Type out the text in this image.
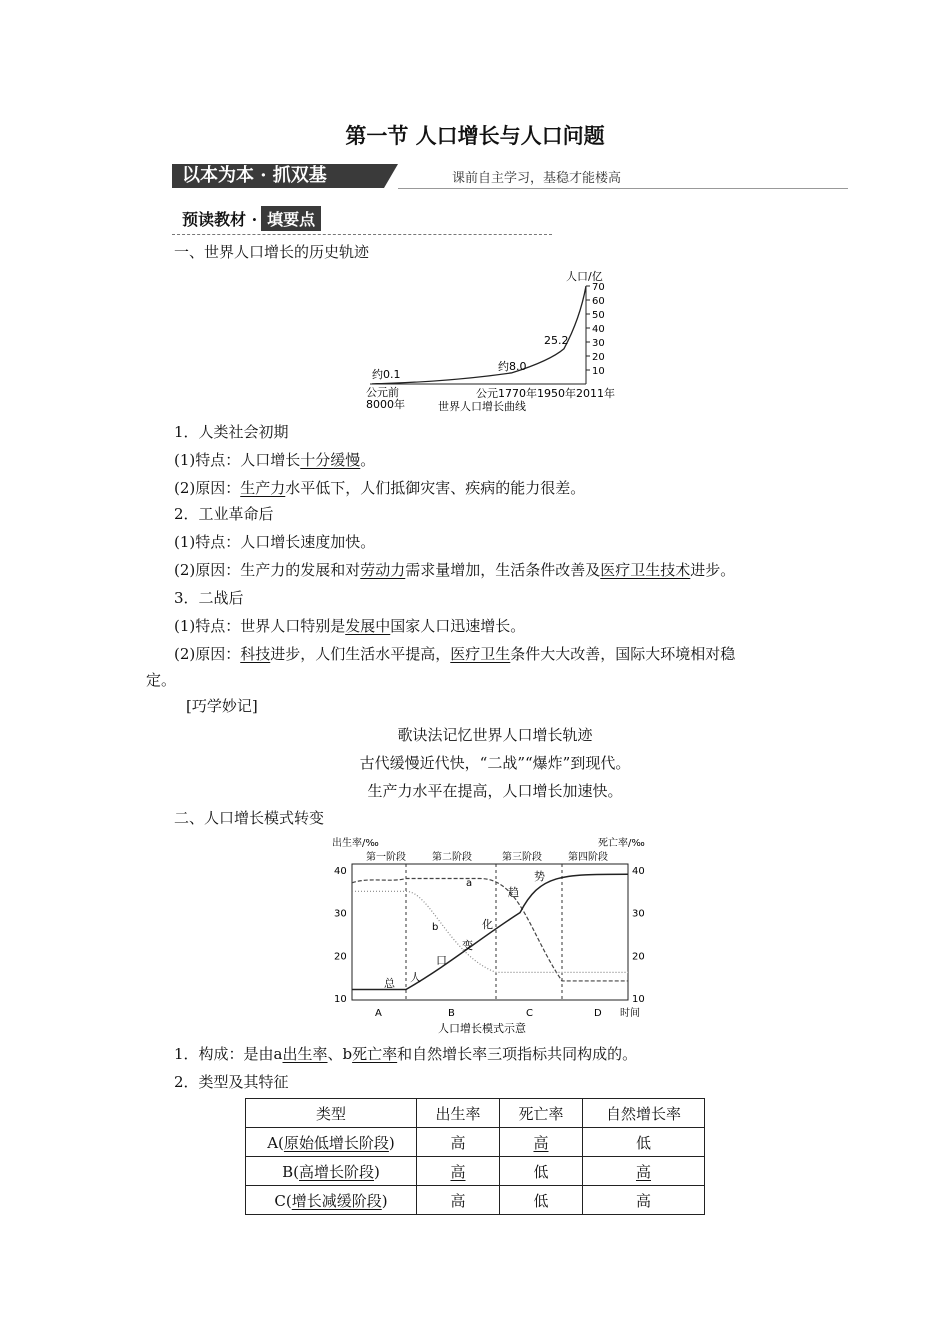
第一节 人口增长与人口问题
以本为本 · 抓双基	课前自主学习，基稳才能楼高
预读教材 · 填要点
一、世界人口增长的历史轨迹
人口/亿
70
60
50
40
30
20
10
约0.1
约8.0
25.2
公元前
8000年
公元1770年 1950年 2011年
世界人口增长曲线
1．人类社会初期
(1)特点：人口增长十分缓慢。
(2)原因：生产力水平低下，人们抵御灾害、疾病的能力很差。
2．工业革命后
(1)特点：人口增长速度加快。
(2)原因：生产力的发展和对劳动力需求量增加，生活条件改善及医疗卫生技术进步。
3．二战后
(1)特点：世界人口特别是发展中国家人口迅速增长。
(2)原因：科技进步，人们生活水平提高，医疗卫生条件大大改善，国际大环境相对稳
定。
[巧学妙记]
歌诀法记忆世界人口增长轨迹
古代缓慢近代快，“二战”“爆炸”到现代。
生产力水平在提高，人口增长加速快。
二、人口增长模式转变
出生率/‰	死亡率/‰
第一阶段	第二阶段	第三阶段	第四阶段
40	40
30	30
20	20
10	10
a
b
总 人
口
变
化
趋
势
A	B	C	D 时间
人口增长模式示意
1．构成：是由a出生率、b死亡率和自然增长率三项指标共同构成的。
2．类型及其特征
类型	出生率	死亡率	自然增长率
A(原始低增长阶段)	高	高	低
B(高增长阶段)	高	低	高
C(增长减缓阶段)	高	低	高
